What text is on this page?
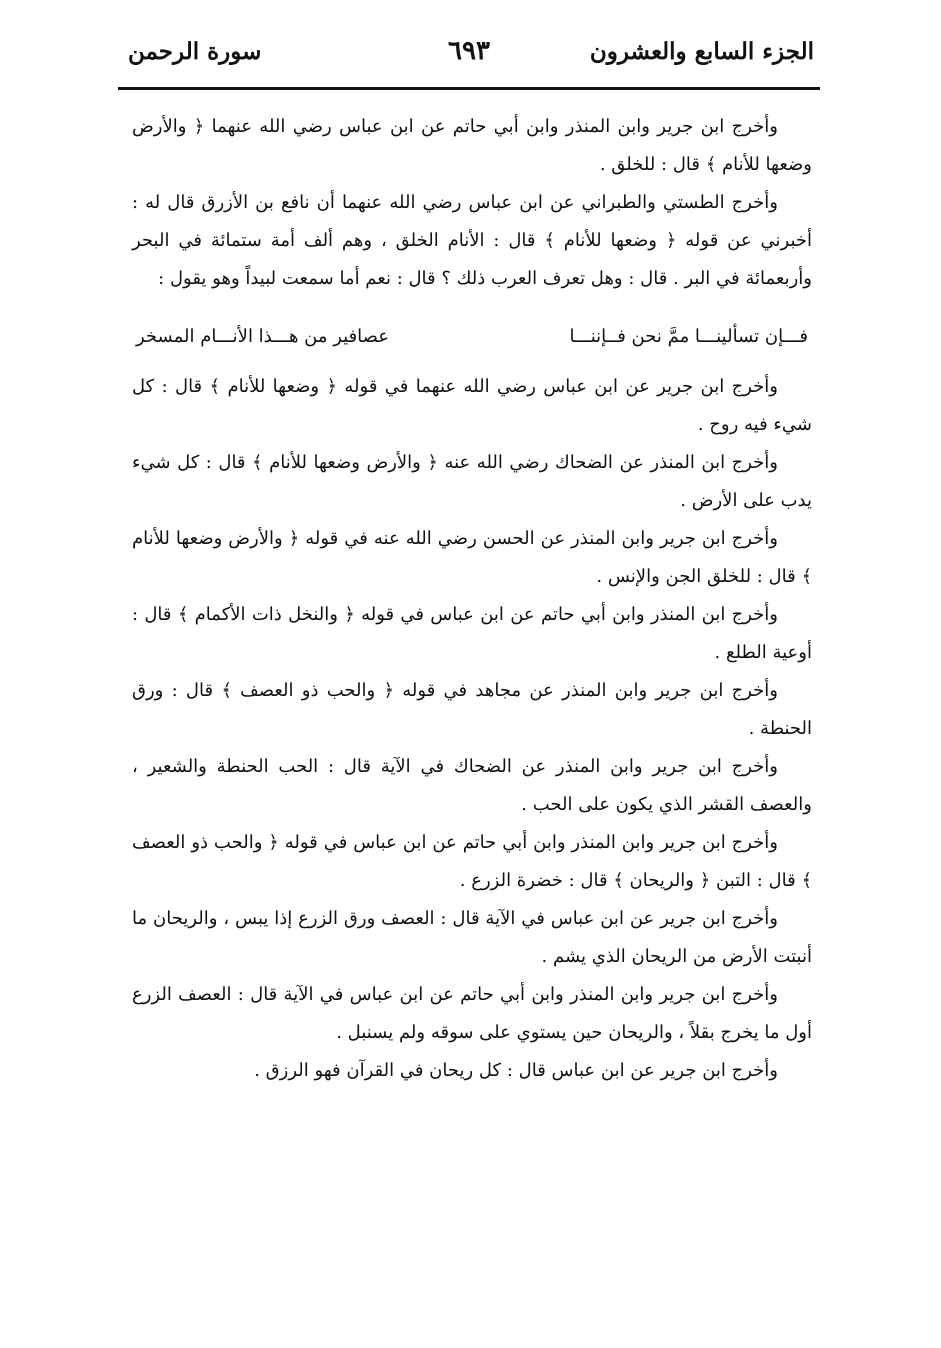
الجزء السابع والعشرون
٦٩٣
سورة الرحمن

وأخرج ابن جرير وابن المنذر وابن أبي حاتم عن ابن عباس رضي الله عنهما ﴿ والأرض وضعها للأنام ﴾ قال : للخلق .

وأخرج الطستي والطبراني عن ابن عباس رضي الله عنهما أن نافع بن الأزرق قال له : أخبرني عن قوله ﴿ وضعها للأنام ﴾ قال : الأنام الخلق ، وهم ألف أمة ستمائة في البحر وأربعمائة في البر . قال : وهل تعرف العرب ذلك ؟ قال : نعم أما سمعت لبيداً وهو يقول :

فـــإن تسألينـــا ممَّ نحن فــإننـــا
عصافير من هـــذا الأنـــام المسخر

وأخرج ابن جرير عن ابن عباس رضي الله عنهما في قوله ﴿ وضعها للأنام ﴾ قال : كل شيء فيه روح .

وأخرج ابن المنذر عن الضحاك رضي الله عنه ﴿ والأرض وضعها للأنام ﴾ قال : كل شيء يدب على الأرض .

وأخرج ابن جرير وابن المنذر عن الحسن رضي الله عنه في قوله ﴿ والأرض وضعها للأنام ﴾ قال : للخلق الجن والإنس .

وأخرج ابن المنذر وابن أبي حاتم عن ابن عباس في قوله ﴿ والنخل ذات الأكمام ﴾ قال : أوعية الطلع .

وأخرج ابن جرير وابن المنذر عن مجاهد في قوله ﴿ والحب ذو العصف ﴾ قال : ورق الحنطة .

وأخرج ابن جرير وابن المنذر عن الضحاك في الآية قال : الحب الحنطة والشعير ، والعصف القشر الذي يكون على الحب .

وأخرج ابن جرير وابن المنذر وابن أبي حاتم عن ابن عباس في قوله ﴿ والحب ذو العصف ﴾ قال : التبن ﴿ والريحان ﴾ قال : خضرة الزرع .

وأخرج ابن جرير عن ابن عباس في الآية قال : العصف ورق الزرع إذا يبس ، والريحان ما أنبتت الأرض من الريحان الذي يشم .

وأخرج ابن جرير وابن المنذر وابن أبي حاتم عن ابن عباس في الآية قال : العصف الزرع أول ما يخرج بقلاً ، والريحان حين يستوي على سوقه ولم يسنبل .

وأخرج ابن جرير عن ابن عباس قال : كل ريحان في القرآن فهو الرزق .
